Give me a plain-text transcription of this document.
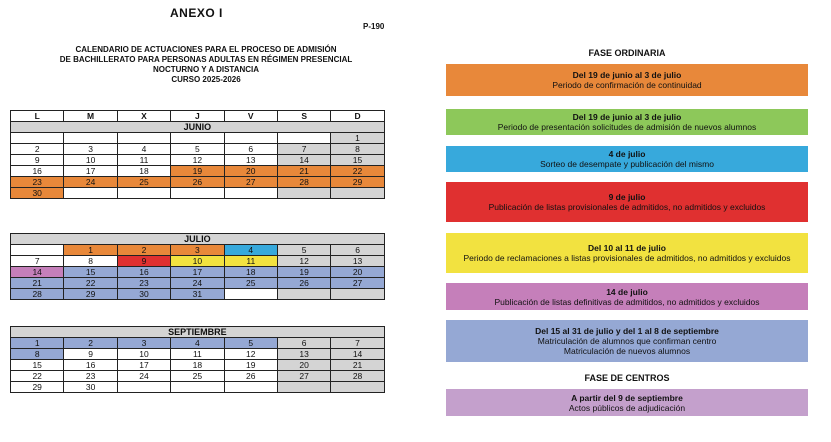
ANEXO I
P-190
CALENDARIO DE ACTUACIONES PARA EL PROCESO DE ADMISIÓN
DE BACHILLERATO PARA PERSONAS ADULTAS EN RÉGIMEN PRESENCIAL
NOCTURNO Y A DISTANCIA
CURSO 2025-2026
L	M	X	J	V	S	D
JUNIO						
						1
2	3	4	5	6	7	8
9	10	11	12	13	14	15
16	17	18	19	20	21	22
23	24	25	26	27	28	29
30						
JULIO						
	1	2	3	4	5	6
7	8	9	10	11	12	13
14	15	16	17	18	19	20
21	22	23	24	25	26	27
28	29	30	31			
SEPTIEMBRE						
1	2	3	4	5	6	7
8	9	10	11	12	13	14
15	16	17	18	19	20	21
22	23	24	25	26	27	28
29	30					
FASE ORDINARIA
Del 19 de junio al 3 de julio
Periodo de confirmación de continuidad
Del 19 de junio al 3 de julio
Periodo de presentación solicitudes de admisión de nuevos alumnos
4 de julio
Sorteo de desempate y publicación del mismo
9 de julio
Publicación de listas provisionales de admitidos, no admitidos y excluidos
Del 10 al 11 de julio
Periodo de reclamaciones a listas provisionales de admitidos, no admitidos y excluidos
14 de julio
Publicación de listas definitivas de admitidos, no admitidos y excluidos
Del 15 al 31 de julio y del 1 al 8 de septiembre
Matriculación de alumnos que confirman centro
Matriculación de nuevos alumnos
FASE DE CENTROS
A partir del 9 de septiembre
Actos públicos de adjudicación
